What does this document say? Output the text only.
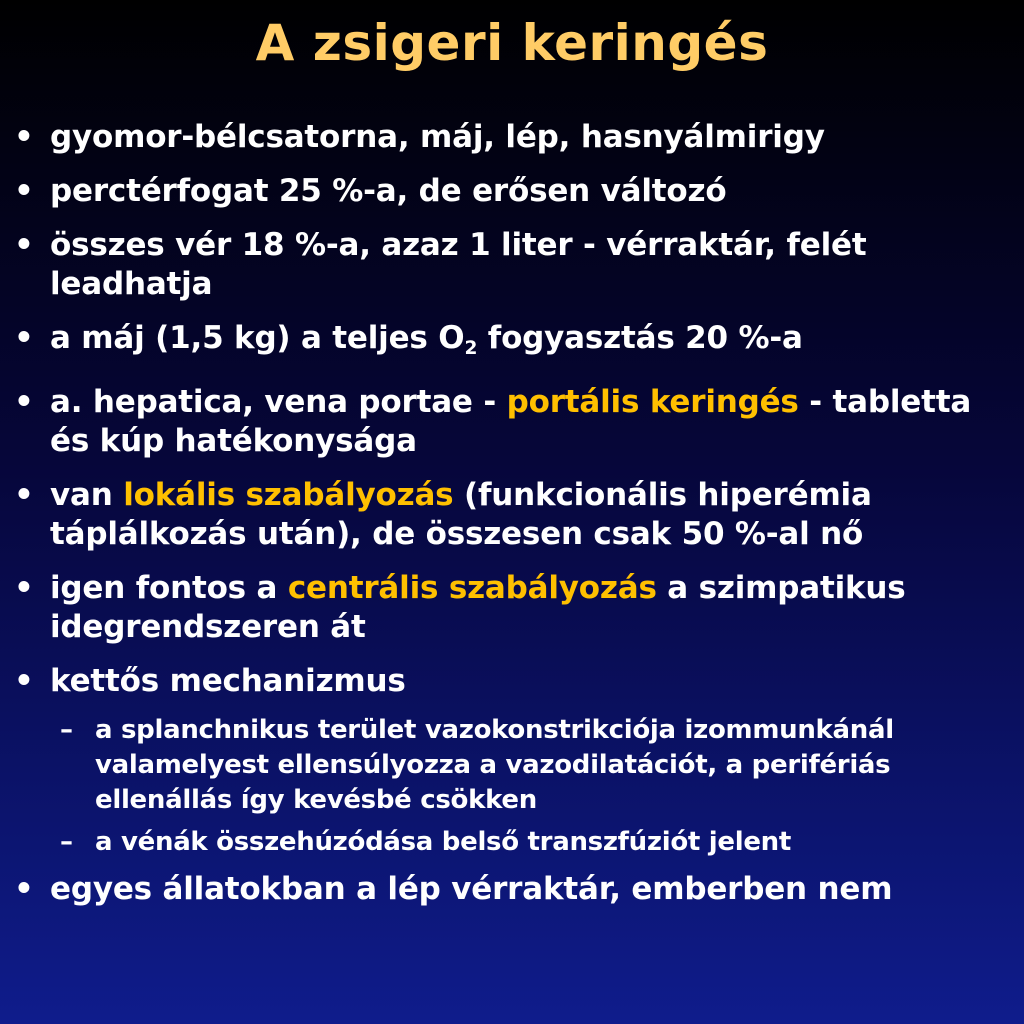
A zsigeri keringés
• gyomor-bélcsatorna, máj, lép, hasnyálmirigy
• perctérfogat 25 %-a, de erősen változó
• összes vér 18 %-a, azaz 1 liter - vérraktár, felét leadhatja
• a máj (1,5 kg) a teljes $O_2$ fogyasztás 20 %-a
• a. hepatica, vena portae - portális keringés - tabletta és kúp hatékonysága
• van lokális szabályozás (funkcionális hiperémia táplálkozás után), de összesen csak 50 %-al nő
• igen fontos a centrális szabályozás a szimpatikus idegrendszeren át
• kettős mechanizmus
– a splanchnikus terület vazokonstrikciója izommunkánál valamelyest ellensúlyozza a vazodilatációt, a perifériás ellenállás így kevésbé csökken
– a vénák összehúzódása belső transzfúziót jelent
• egyes állatokban a lép vérraktár, emberben nem
